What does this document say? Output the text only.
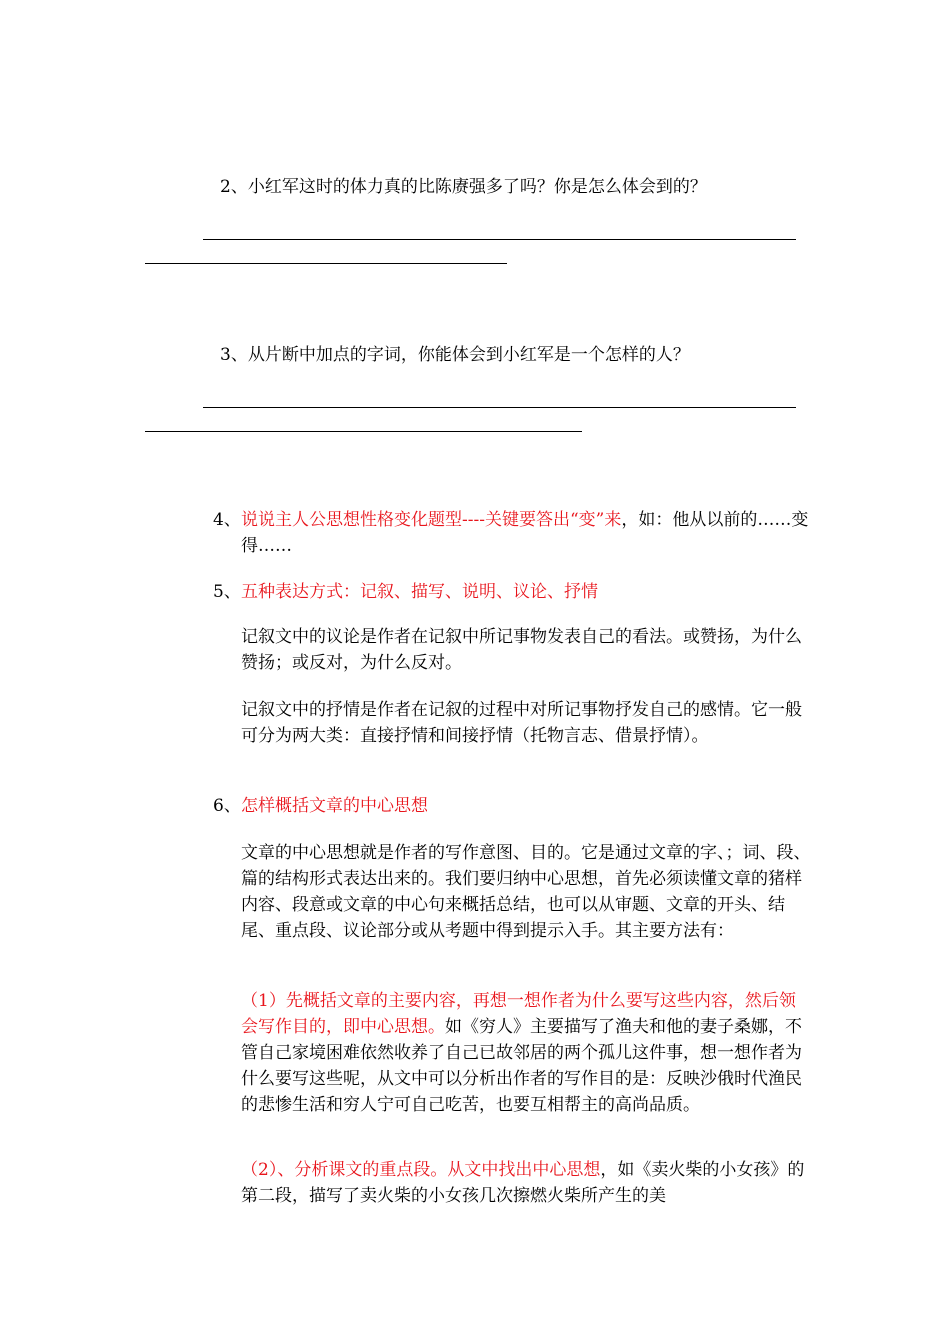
2、小红军这时的体力真的比陈赓强多了吗？你是怎么体会到的？
3、从片断中加点的字词，你能体会到小红军是一个怎样的人？
4、 说说主人公思想性格变化题型----关键要答出“变”来，如：他从以前的……变得……
5、 五种表达方式：记叙、描写、说明、议论、抒情
记叙文中的议论是作者在记叙中所记事物发表自己的看法。或赞扬，为什么赞扬；或反对，为什么反对。
记叙文中的抒情是作者在记叙的过程中对所记事物抒发自己的感情。它一般可分为两大类：直接抒情和间接抒情（托物言志、借景抒情）。
6、 怎样概括文章的中心思想
文章的中心思想就是作者的写作意图、目的。它是通过文章的字、；词、段、篇的结构形式表达出来的。我们要归纳中心思想，首先必须读懂文章的猪样内容、段意或文章的中心句来概括总结，也可以从审题、文章的开头、结尾、重点段、议论部分或从考题中得到提示入手。其主要方法有：
（1）先概括文章的主要内容，再想一想作者为什么要写这些内容，然后领会写作目的，即中心思想。如《穷人》主要描写了渔夫和他的妻子桑娜，不管自己家境困难依然收养了自己已故邻居的两个孤儿这件事，想一想作者为什么要写这些呢，从文中可以分析出作者的写作目的是：反映沙俄时代渔民的悲惨生活和穷人宁可自己吃苦，也要互相帮主的高尚品质。
（2）、分析课文的重点段。从文中找出中心思想，如《卖火柴的小女孩》的第二段，描写了卖火柴的小女孩几次擦燃火柴所产生的美
